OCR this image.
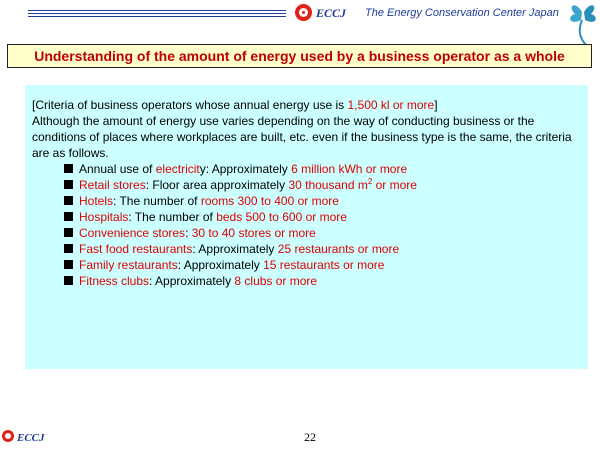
ECCJ The Energy Conservation Center Japan
Understanding of the amount of energy used by a business operator as a whole

[Criteria of business operators whose annual energy use is 1,500 kl or more]

Although the amount of energy use varies depending on the way of conducting business or the conditions of places where workplaces are built, etc. even if the business type is the same, the criteria are as follows.

Annual use of electricity: Approximately 6 million kWh or more
Retail stores: Floor area approximately 30 thousand $m^2$ or more
Hotels: The number of rooms 300 to 400 or more
Hospitals: The number of beds 500 to 600 or more
Convenience stores: 30 to 40 stores or more
Fast food restaurants: Approximately 25 restaurants or more
Family restaurants: Approximately 15 restaurants or more
Fitness clubs: Approximately 8 clubs or more
ECCJ	22
